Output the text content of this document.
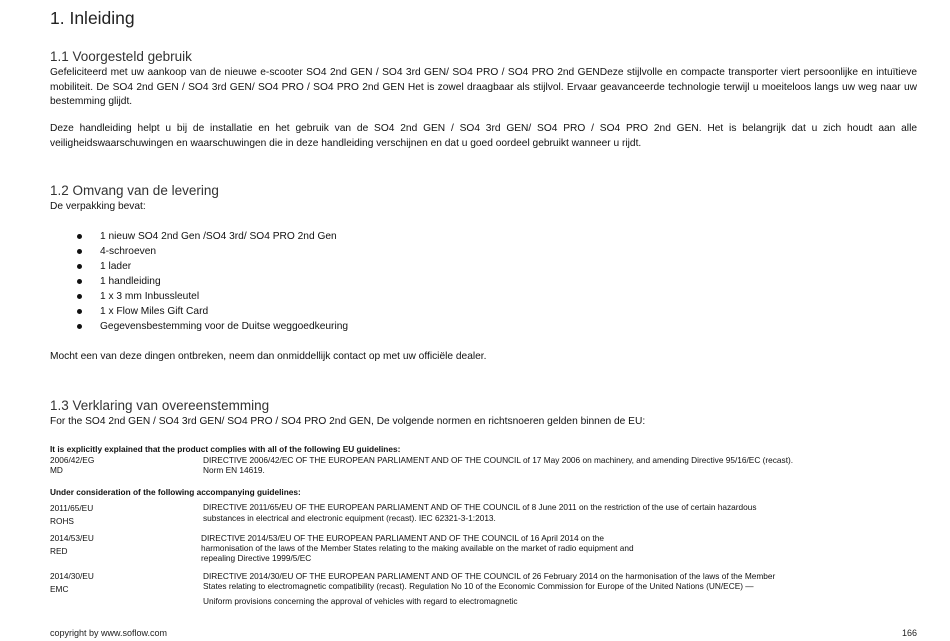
1. Inleiding
1.1 Voorgesteld gebruik
Gefeliciteerd met uw aankoop van de nieuwe e-scooter SO4 2nd GEN / SO4 3rd GEN/ SO4 PRO / SO4 PRO 2nd GENDeze stijlvolle en compacte transporter viert persoonlijke en intuïtieve mobiliteit. De SO4 2nd GEN / SO4 3rd GEN/ SO4 PRO / SO4 PRO 2nd GEN Het is zowel draagbaar als stijlvol. Ervaar geavanceerde technologie terwijl u moeiteloos langs uw weg naar uw bestemming glijdt.
Deze handleiding helpt u bij de installatie en het gebruik van de SO4 2nd GEN / SO4 3rd GEN/ SO4 PRO / SO4 PRO 2nd GEN. Het is belangrijk dat u zich houdt aan alle veiligheidswaarschuwingen en waarschuwingen die in deze handleiding verschijnen en dat u goed oordeel gebruikt wanneer u rijdt.
1.2 Omvang van de levering
De verpakking bevat:
1 nieuw SO4 2nd Gen /SO4 3rd/ SO4 PRO 2nd Gen
4-schroeven
1 lader
1 handleiding
1 x 3 mm Inbussleutel
1 x Flow Miles Gift Card
Gegevensbestemming voor de Duitse weggoedkeuring
Mocht een van deze dingen ontbreken, neem dan onmiddellijk contact op met uw officiële dealer.
1.3 Verklaring van overeenstemming
For the SO4 2nd GEN / SO4 3rd GEN/ SO4 PRO / SO4 PRO 2nd GEN, De volgende normen en richtsnoeren gelden binnen de EU:
It is explicitly explained that the product complies with all of the following EU guidelines:
2006/42/EG
MD
DIRECTIVE 2006/42/EC OF THE EUROPEAN PARLIAMENT AND OF THE COUNCIL of 17 May 2006 on machinery, and amending Directive 95/16/EC (recast).
Norm EN 14619.
Under consideration of the following accompanying guidelines:
2011/65/EU
ROHS
DIRECTIVE 2011/65/EU OF THE EUROPEAN PARLIAMENT AND OF THE COUNCIL of 8 June 2011 on the restriction of the use of certain hazardous
substances in electrical and electronic equipment (recast). IEC 62321-3-1:2013.
2014/53/EU
RED
DIRECTIVE 2014/53/EU OF THE EUROPEAN PARLIAMENT AND OF THE COUNCIL of 16 April 2014 on the
harmonisation of the laws of the Member States relating to the making available on the market of radio equipment and
repealing Directive 1999/5/EC
2014/30/EU
EMC
DIRECTIVE 2014/30/EU OF THE EUROPEAN PARLIAMENT AND OF THE COUNCIL of 26 February 2014 on the harmonisation of the laws of the Member
States relating to electromagnetic compatibility (recast). Regulation No 10 of the Economic Commission for Europe of the United Nations (UN/ECE) —
Uniform provisions concerning the approval of vehicles with regard to electromagnetic
copyright by www.soflow.com	166
